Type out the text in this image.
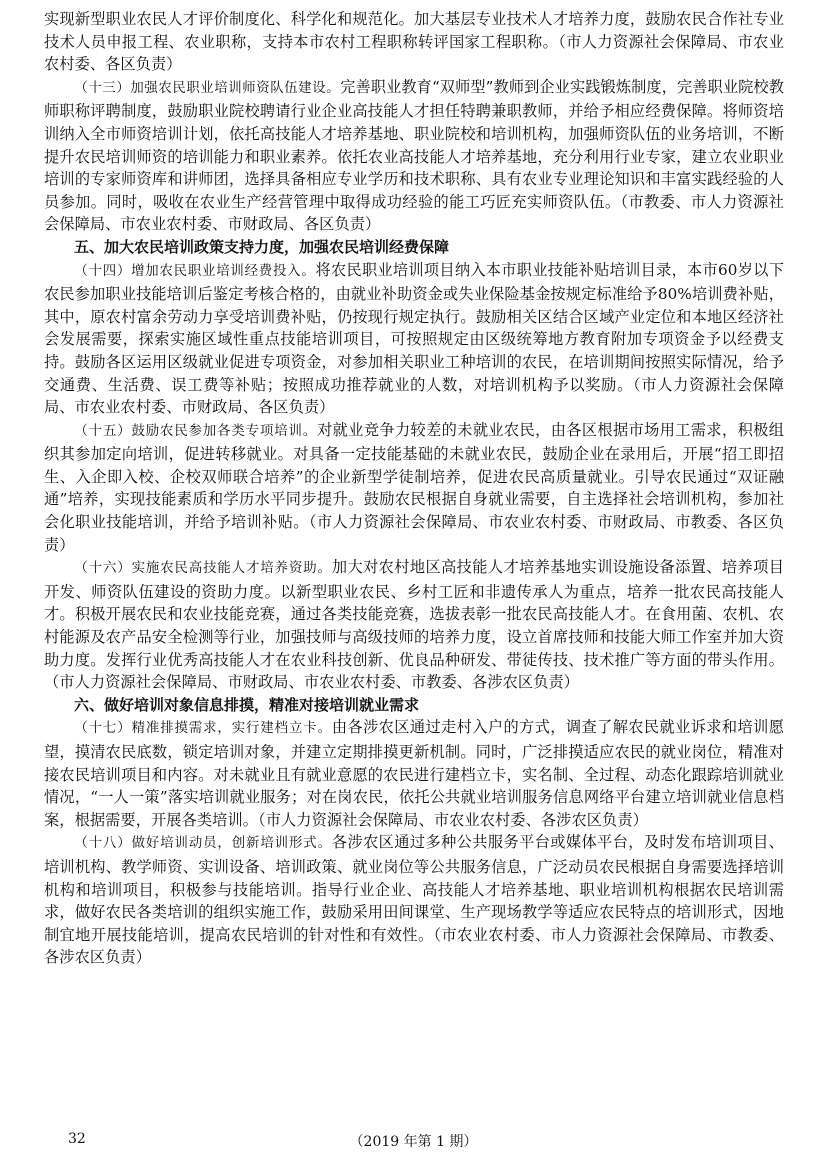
实现新型职业农民人才评价制度化、科学化和规范化。加大基层专业技术人才培养力度，鼓励农民合作社专业技术人员申报工程、农业职称，支持本市农村工程职称转评国家工程职称。（市人力资源社会保障局、市农业农村委、各区负责）

（十三）加强农民职业培训师资队伍建设。完善职业教育“双师型”教师到企业实践锻炼制度，完善职业院校教师职称评聘制度，鼓励职业院校聘请行业企业高技能人才担任特聘兼职教师，并给予相应经费保障。将师资培训纳入全市师资培训计划，依托高技能人才培养基地、职业院校和培训机构，加强师资队伍的业务培训，不断提升农民培训师资的培训能力和职业素养。依托农业高技能人才培养基地，充分利用行业专家，建立农业职业培训的专家师资库和讲师团，选择具备相应专业学历和技术职称、具有农业专业理论知识和丰富实践经验的人员参加。同时，吸收在农业生产经营管理中取得成功经验的能工巧匠充实师资队伍。（市教委、市人力资源社会保障局、市农业农村委、市财政局、各区负责）

五、加大农民培训政策支持力度，加强农民培训经费保障

（十四）增加农民职业培训经费投入。将农民职业培训项目纳入本市职业技能补贴培训目录，本市60岁以下农民参加职业技能培训后鉴定考核合格的，由就业补助资金或失业保险基金按规定标准给予80%培训费补贴，其中，原农村富余劳动力享受培训费补贴，仍按现行规定执行。鼓励相关区结合区域产业定位和本地区经济社会发展需要，探索实施区域性重点技能培训项目，可按照规定由区级统筹地方教育附加专项资金予以经费支持。鼓励各区运用区级就业促进专项资金，对参加相关职业工种培训的农民，在培训期间按照实际情况，给予交通费、生活费、误工费等补贴；按照成功推荐就业的人数，对培训机构予以奖励。（市人力资源社会保障局、市农业农村委、市财政局、各区负责）

（十五）鼓励农民参加各类专项培训。对就业竞争力较差的未就业农民，由各区根据市场用工需求，积极组织其参加定向培训，促进转移就业。对具备一定技能基础的未就业农民，鼓励企业在录用后，开展“招工即招生、入企即入校、企校双师联合培养”的企业新型学徒制培养，促进农民高质量就业。引导农民通过“双证融通”培养，实现技能素质和学历水平同步提升。鼓励农民根据自身就业需要，自主选择社会培训机构，参加社会化职业技能培训，并给予培训补贴。（市人力资源社会保障局、市农业农村委、市财政局、市教委、各区负责）

（十六）实施农民高技能人才培养资助。加大对农村地区高技能人才培养基地实训设施设备添置、培养项目开发、师资队伍建设的资助力度。以新型职业农民、乡村工匠和非遗传承人为重点，培养一批农民高技能人才。积极开展农民和农业技能竞赛，通过各类技能竞赛，选拔表彰一批农民高技能人才。在食用菌、农机、农村能源及农产品安全检测等行业，加强技师与高级技师的培养力度，设立首席技师和技能大师工作室并加大资助力度。发挥行业优秀高技能人才在农业科技创新、优良品种研发、带徒传技、技术推广等方面的带头作用。（市人力资源社会保障局、市财政局、市农业农村委、市教委、各涉农区负责）

六、做好培训对象信息排摸，精准对接培训就业需求

（十七）精准排摸需求，实行建档立卡。由各涉农区通过走村入户的方式，调查了解农民就业诉求和培训愿望，摸清农民底数，锁定培训对象，并建立定期排摸更新机制。同时，广泛排摸适应农民的就业岗位，精准对接农民培训项目和内容。对未就业且有就业意愿的农民进行建档立卡，实名制、全过程、动态化跟踪培训就业情况，“一人一策”落实培训就业服务；对在岗农民，依托公共就业培训服务信息网络平台建立培训就业信息档案，根据需要，开展各类培训。（市人力资源社会保障局、市农业农村委、各涉农区负责）

（十八）做好培训动员，创新培训形式。各涉农区通过多种公共服务平台或媒体平台，及时发布培训项目、培训机构、教学师资、实训设备、培训政策、就业岗位等公共服务信息，广泛动员农民根据自身需要选择培训机构和培训项目，积极参与技能培训。指导行业企业、高技能人才培养基地、职业培训机构根据农民培训需求，做好农民各类培训的组织实施工作，鼓励采用田间课堂、生产现场教学等适应农民特点的培训形式，因地制宜地开展技能培训，提高农民培训的针对性和有效性。（市农业农村委、市人力资源社会保障局、市教委、各涉农区负责）

32	（2019 年第 1 期）
